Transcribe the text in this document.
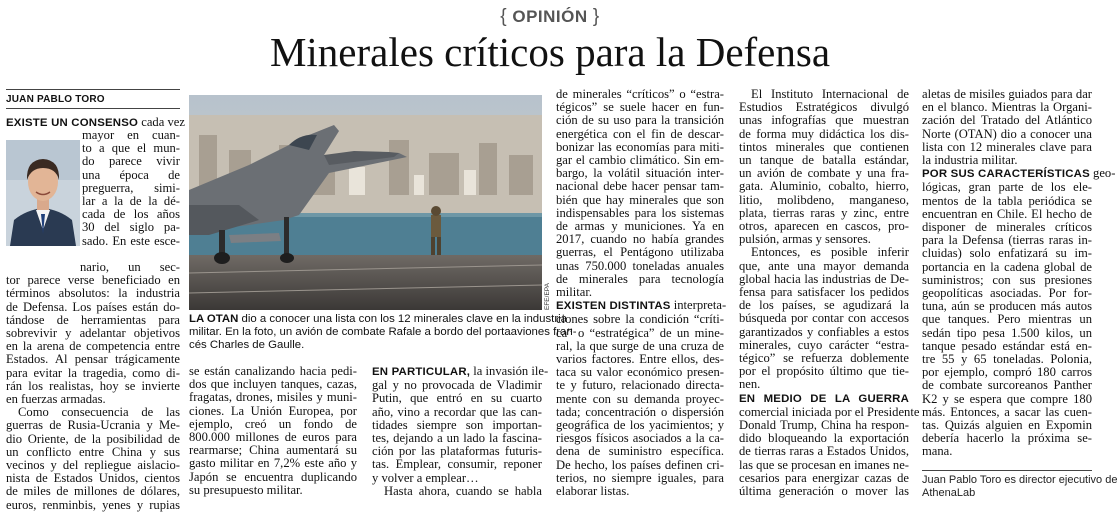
{ OPINIÓN }
Minerales críticos para la Defensa
JUAN PABLO TORO
EXISTE UN CONSENSO cada vez
mayor en cuan-
to a que el mun-
do parece vivir
una época de
preguerra, simi-
lar a la de la dé-
cada de los años
30 del siglo pa-
sado. En este esce-
nario, un sec-
tor parece verse beneficiado en
términos absolutos: la industria
de Defensa. Los países están do-
tándose de herramientas para
sobrevivir y adelantar objetivos
en la arena de competencia entre
Estados. Al pensar trágicamente
para evitar la tragedia, como di-
rán los realistas, hoy se invierte
en fuerzas armadas.
Como consecuencia de las
guerras de Rusia-Ucrania y Me-
dio Oriente, de la posibilidad de
un conflicto entre China y sus
vecinos y del repliegue aislacio-
nista de Estados Unidos, cientos
de miles de millones de dólares,
euros, renminbis, yenes y rupias
EFE/EPA
LA OTAN dio a conocer una lista con los 12 minerales clave en la industria
militar. En la foto, un avión de combate Rafale a bordo del portaaviones fran-
cés Charles de Gaulle.
se están canalizando hacia pedi-
dos que incluyen tanques, cazas,
fragatas, drones, misiles y muni-
ciones. La Unión Europea, por
ejemplo, creó un fondo de
800.000 millones de euros para
rearmarse; China aumentará su
gasto militar en 7,2% este año y
Japón se encuentra duplicando
su presupuesto militar.
EN PARTICULAR, la invasión ile-
gal y no provocada de Vladimir
Putin, que entró en su cuarto
año, vino a recordar que las can-
tidades siempre son importan-
tes, dejando a un lado la fascina-
ción por las plataformas futuris-
tas. Emplear, consumir, reponer
y volver a emplear…
Hasta ahora, cuando se habla
de minerales “críticos” o “estra-
tégicos” se suele hacer en fun-
ción de su uso para la transición
energética con el fin de descar-
bonizar las economías para miti-
gar el cambio climático. Sin em-
bargo, la volátil situación inter-
nacional debe hacer pensar tam-
bién que hay minerales que son
indispensables para los sistemas
de armas y municiones. Ya en
2017, cuando no había grandes
guerras, el Pentágono utilizaba
unas 750.000 toneladas anuales
de minerales para tecnología
militar.
EXISTEN DISTINTAS interpreta-
ciones sobre la condición “críti-
ca” o “estratégica” de un mine-
ral, la que surge de una cruza de
varios factores. Entre ellos, des-
taca su valor económico presen-
te y futuro, relacionado directa-
mente con su demanda proyec-
tada; concentración o dispersión
geográfica de los yacimientos; y
riesgos físicos asociados a la ca-
dena de suministro específica.
De hecho, los países definen cri-
terios, no siempre iguales, para
elaborar listas.
El Instituto Internacional de
Estudios Estratégicos divulgó
unas infografías que muestran
de forma muy didáctica los dis-
tintos minerales que contienen
un tanque de batalla estándar,
un avión de combate y una fra-
gata. Aluminio, cobalto, hierro,
litio, molibdeno, manganeso,
plata, tierras raras y zinc, entre
otros, aparecen en cascos, pro-
pulsión, armas y sensores.
Entonces, es posible inferir
que, ante una mayor demanda
global hacia las industrias de De-
fensa para satisfacer los pedidos
de los países, se agudizará la
búsqueda por contar con accesos
garantizados y confiables a estos
minerales, cuyo carácter “estra-
tégico” se refuerza doblemente
por el propósito último que tie-
nen.
EN MEDIO DE LA GUERRA
comercial iniciada por el Presidente
Donald Trump, China ha respon-
dido bloqueando la exportación
de tierras raras a Estados Unidos,
las que se procesan en imanes ne-
cesarios para energizar cazas de
última generación o mover las
aletas de misiles guiados para dar
en el blanco. Mientras la Organi-
zación del Tratado del Atlántico
Norte (OTAN) dio a conocer una
lista con 12 minerales clave para
la industria militar.
POR SUS CARACTERÍSTICAS geo-
lógicas, gran parte de los ele-
mentos de la tabla periódica se
encuentran en Chile. El hecho de
disponer de minerales críticos
para la Defensa (tierras raras in-
cluidas) solo enfatizará su im-
portancia en la cadena global de
suministros; con sus presiones
geopolíticas asociadas. Por for-
tuna, aún se producen más autos
que tanques. Pero mientras un
sedán tipo pesa 1.500 kilos, un
tanque pesado estándar está en-
tre 55 y 65 toneladas. Polonia,
por ejemplo, compró 180 carros
de combate surcoreanos Panther
K2 y se espera que compre 180
más. Entonces, a sacar las cuen-
tas. Quizás alguien en Expomin
debería hacerlo la próxima se-
mana.
Juan Pablo Toro es director ejecutivo de
AthenaLab
